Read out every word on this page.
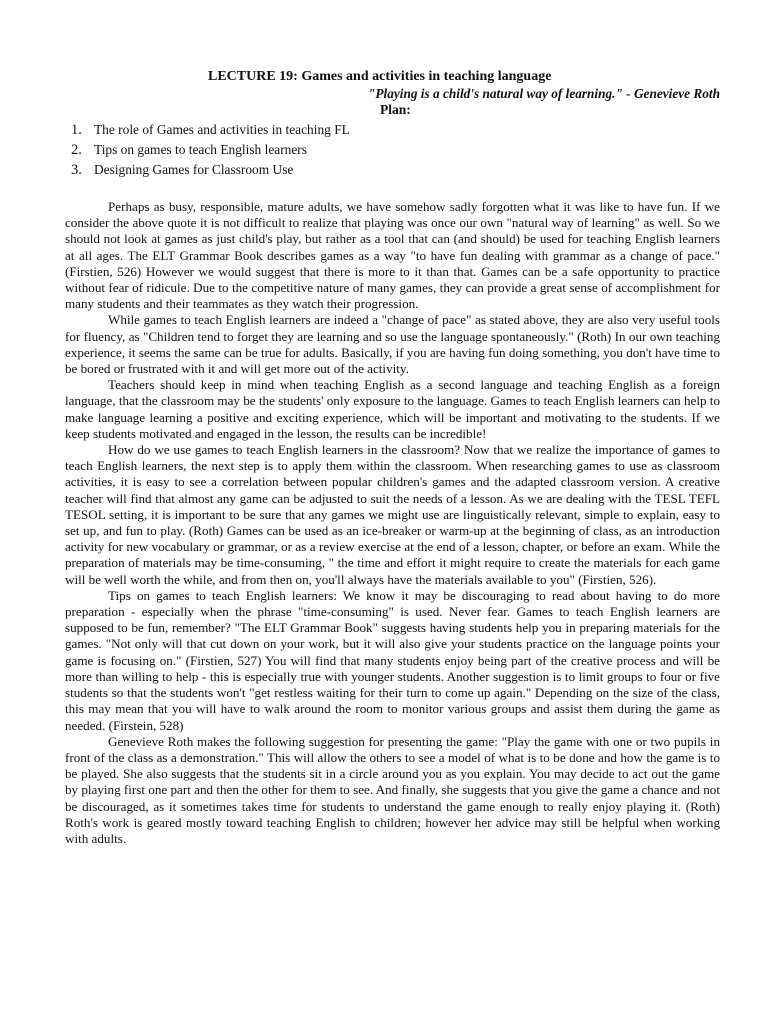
LECTURE 19: Games and activities in teaching language
"Playing is a child's natural way of learning." - Genevieve Roth
Plan:
1. The role of Games and activities in teaching FL
2. Tips on games to teach English learners
3. Designing Games for Classroom Use

Perhaps as busy, responsible, mature adults, we have somehow sadly forgotten what it was like to have fun. If we consider the above quote it is not difficult to realize that playing was once our own "natural way of learning" as well. So we should not look at games as just child's play, but rather as a tool that can (and should) be used for teaching English learners at all ages. The ELT Grammar Book describes games as a way "to have fun dealing with grammar as a change of pace." (Firstien, 526) However we would suggest that there is more to it than that. Games can be a safe opportunity to practice without fear of ridicule. Due to the competitive nature of many games, they can provide a great sense of accomplishment for many students and their teammates as they watch their progression.

While games to teach English learners are indeed a "change of pace" as stated above, they are also very useful tools for fluency, as "Children tend to forget they are learning and so use the language spontaneously." (Roth) In our own teaching experience, it seems the same can be true for adults. Basically, if you are having fun doing something, you don't have time to be bored or frustrated with it and will get more out of the activity.

Teachers should keep in mind when teaching English as a second language and teaching English as a foreign language, that the classroom may be the students' only exposure to the language. Games to teach English learners can help to make language learning a positive and exciting experience, which will be important and motivating to the students. If we keep students motivated and engaged in the lesson, the results can be incredible!

How do we use games to teach English learners in the classroom? Now that we realize the importance of games to teach English learners, the next step is to apply them within the classroom. When researching games to use as classroom activities, it is easy to see a correlation between popular children's games and the adapted classroom version. A creative teacher will find that almost any game can be adjusted to suit the needs of a lesson. As we are dealing with the TESL TEFL TESOL setting, it is important to be sure that any games we might use are linguistically relevant, simple to explain, easy to set up, and fun to play. (Roth) Games can be used as an ice-breaker or warm-up at the beginning of class, as an introduction activity for new vocabulary or grammar, or as a review exercise at the end of a lesson, chapter, or before an exam. While the preparation of materials may be time-consuming, " the time and effort it might require to create the materials for each game will be well worth the while, and from then on, you'll always have the materials available to you" (Firstien, 526).

Tips on games to teach English learners: We know it may be discouraging to read about having to do more preparation - especially when the phrase "time-consuming" is used. Never fear. Games to teach English learners are supposed to be fun, remember? "The ELT Grammar Book" suggests having students help you in preparing materials for the games. "Not only will that cut down on your work, but it will also give your students practice on the language points your game is focusing on." (Firstien, 527) You will find that many students enjoy being part of the creative process and will be more than willing to help - this is especially true with younger students. Another suggestion is to limit groups to four or five students so that the students won't "get restless waiting for their turn to come up again." Depending on the size of the class, this may mean that you will have to walk around the room to monitor various groups and assist them during the game as needed. (Firstein, 528)

Genevieve Roth makes the following suggestion for presenting the game: "Play the game with one or two pupils in front of the class as a demonstration." This will allow the others to see a model of what is to be done and how the game is to be played. She also suggests that the students sit in a circle around you as you explain. You may decide to act out the game by playing first one part and then the other for them to see. And finally, she suggests that you give the game a chance and not be discouraged, as it sometimes takes time for students to understand the game enough to really enjoy playing it. (Roth) Roth's work is geared mostly toward teaching English to children; however her advice may still be helpful when working with adults.
